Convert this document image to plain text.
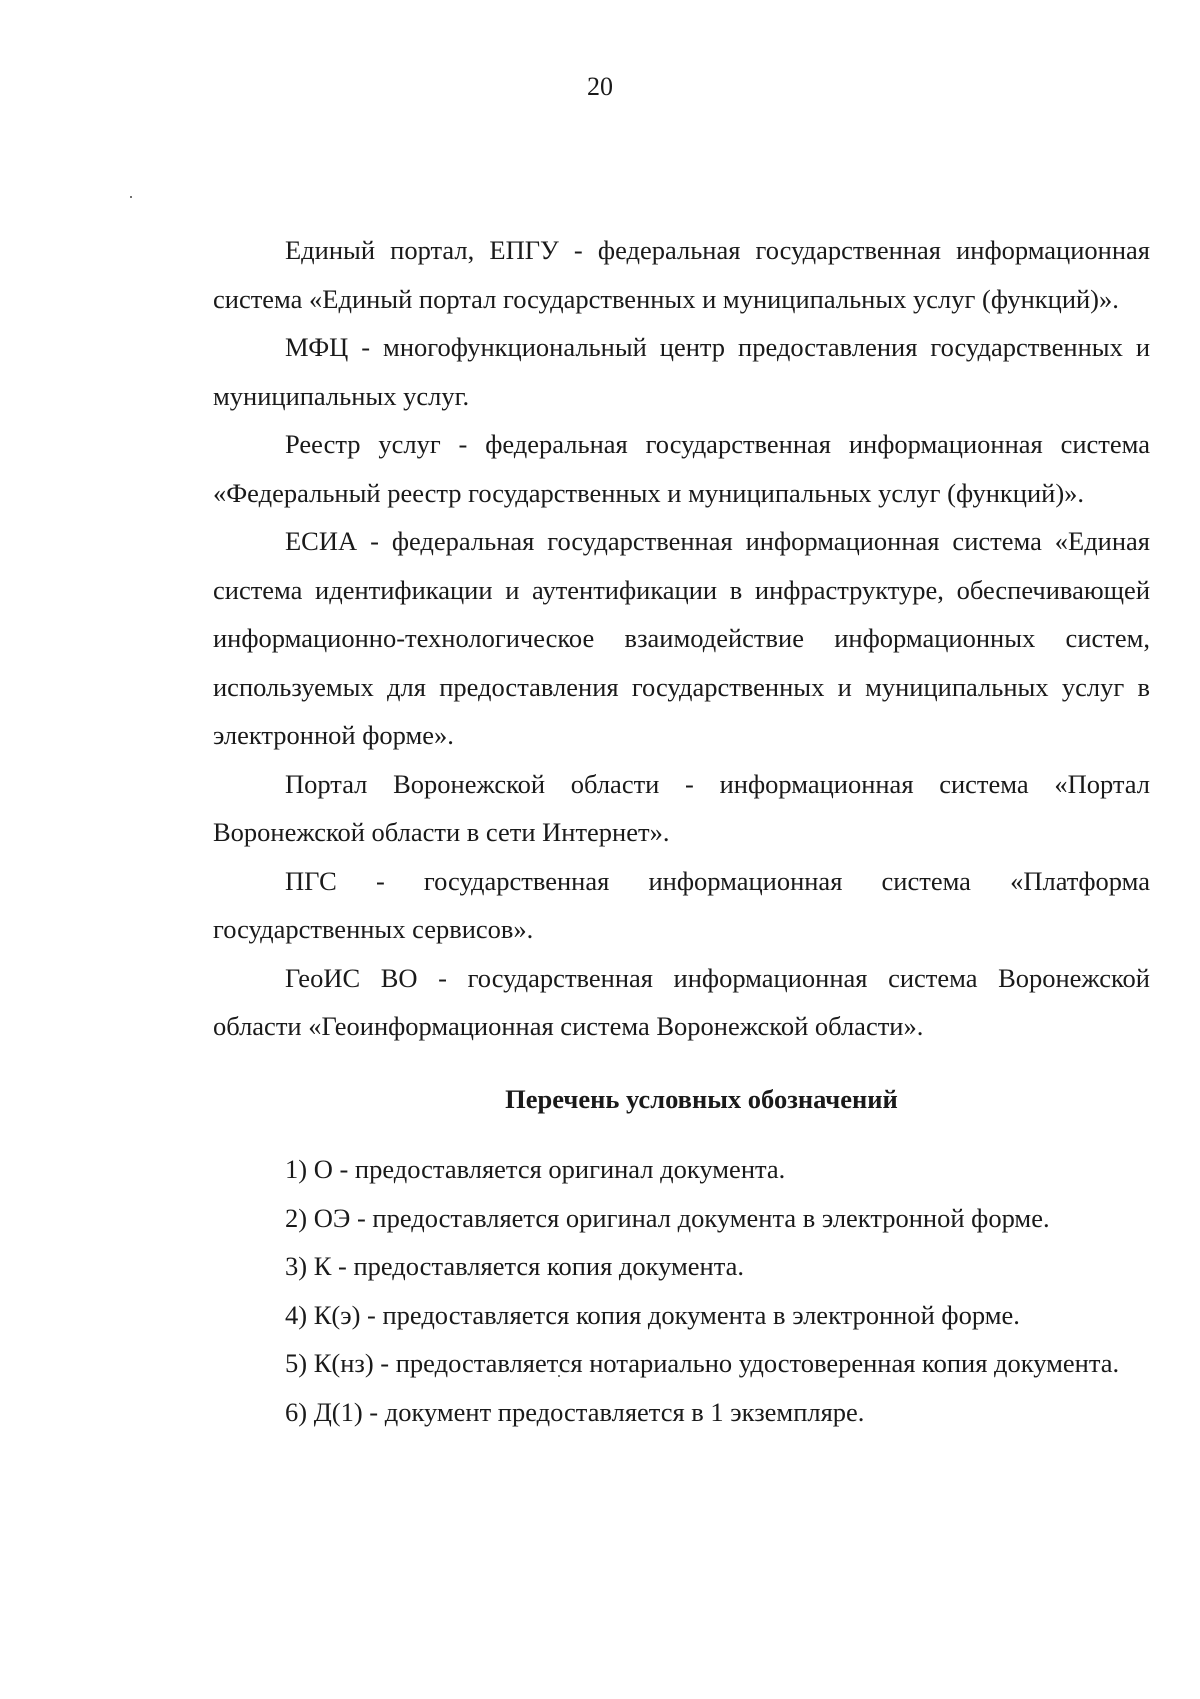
20

Единый портал, ЕПГУ - федеральная государственная информационная система «Единый портал государственных и муниципальных услуг (функций)».

МФЦ - многофункциональный центр предоставления государственных и муниципальных услуг.

Реестр услуг - федеральная государственная информационная система «Федеральный реестр государственных и муниципальных услуг (функций)».

ЕСИА - федеральная государственная информационная система «Единая система идентификации и аутентификации в инфраструктуре, обеспечивающей информационно-технологическое взаимодействие информационных систем, используемых для предоставления государственных и муниципальных услуг в электронной форме».

Портал Воронежской области - информационная система «Портал Воронежской области в сети Интернет».

ПГС - государственная информационная система «Платформа государственных сервисов».

ГеоИС ВО - государственная информационная система Воронежской области «Геоинформационная система Воронежской области».

Перечень условных обозначений

1) О - предоставляется оригинал документа.

2) ОЭ - предоставляется оригинал документа в электронной форме.

3) К - предоставляется копия документа.

4) К(э) - предоставляется копия документа в электронной форме.

5) К(нз) - предоставляется нотариально удостоверенная копия документа.

6) Д(1) - документ предоставляется в 1 экземпляре.
